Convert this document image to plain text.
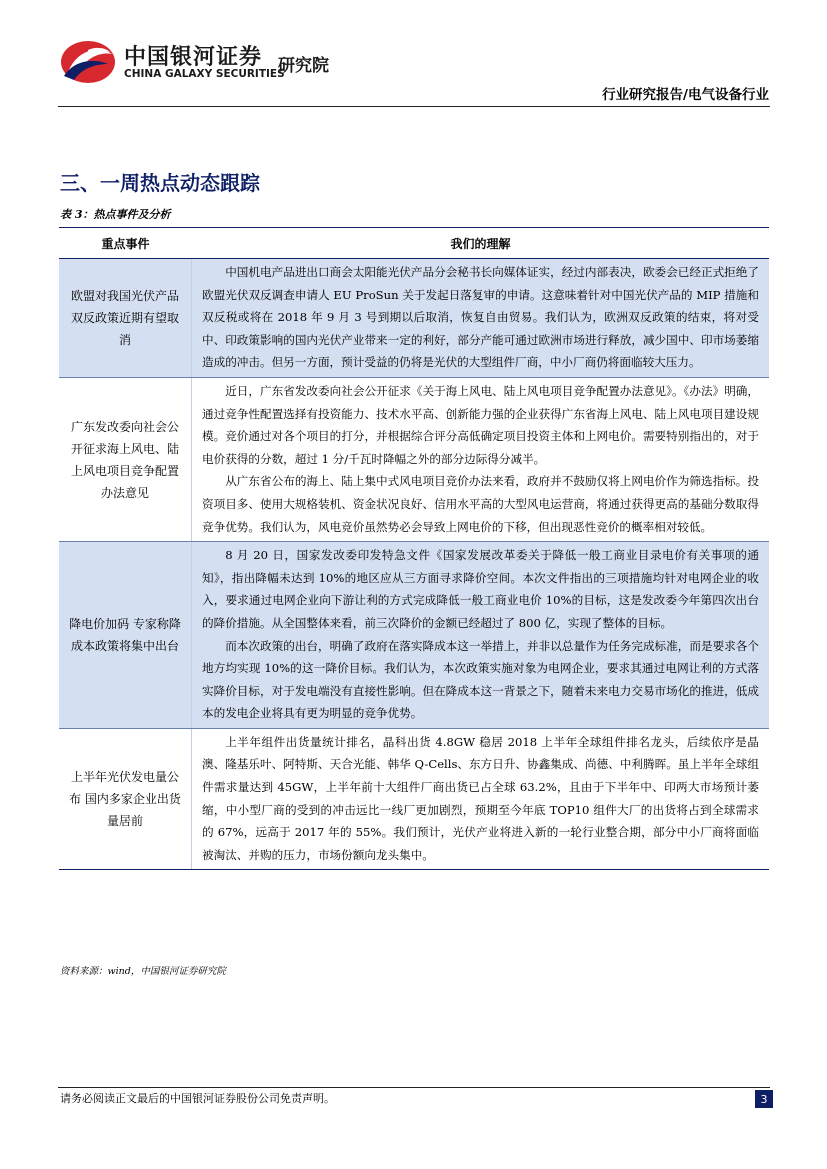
中国银河证券
CHINA GALAXY SECURITIES
研究院
行业研究报告/电气设备行业
三、一周热点动态跟踪
表 3：热点事件及分析
重点事件	我们的理解
欧盟对我国光伏产品双反政策近期有望取消

中国机电产品进出口商会太阳能光伏产品分会秘书长向媒体证实，经过内部表决，欧委会已经正式拒绝了欧盟光伏双反调查申请人 EU ProSun 关于发起日落复审的申请。这意味着针对中国光伏产品的 MIP 措施和双反税或将在 2018 年 9 月 3 号到期以后取消，恢复自由贸易。我们认为，欧洲双反政策的结束，将对受中、印政策影响的国内光伏产业带来一定的利好，部分产能可通过欧洲市场进行释放，减少国中、印市场萎缩造成的冲击。但另一方面，预计受益的仍将是光伏的大型组件厂商，中小厂商仍将面临较大压力。

广东发改委向社会公开征求海上风电、陆上风电项目竞争配置办法意见

近日，广东省发改委向社会公开征求《关于海上风电、陆上风电项目竞争配置办法意见》。《办法》明确，通过竞争性配置选择有投资能力、技术水平高、创新能力强的企业获得广东省海上风电、陆上风电项目建设规模。竞价通过对各个项目的打分，并根据综合评分高低确定项目投资主体和上网电价。需要特别指出的，对于电价获得的分数，超过 1 分/千瓦时降幅之外的部分边际得分减半。

从广东省公布的海上、陆上集中式风电项目竞价办法来看，政府并不鼓励仅将上网电价作为筛选指标。投资项目多、使用大规格装机、资金状况良好、信用水平高的大型风电运营商，将通过获得更高的基础分数取得竞争优势。我们认为，风电竞价虽然势必会导致上网电价的下移，但出现恶性竞价的概率相对较低。

降电价加码 专家称降成本政策将集中出台

8 月 20 日，国家发改委印发特急文件《国家发展改革委关于降低一般工商业目录电价有关事项的通知》，指出降幅未达到 10%的地区应从三方面寻求降价空间。本次文件指出的三项措施均针对电网企业的收入，要求通过电网企业向下游让利的方式完成降低一般工商业电价 10%的目标，这是发改委今年第四次出台的降价措施。从全国整体来看，前三次降价的金额已经超过了 800 亿，实现了整体的目标。

而本次政策的出台，明确了政府在落实降成本这一举措上，并非以总量作为任务完成标准，而是要求各个地方均实现 10%的这一降价目标。我们认为，本次政策实施对象为电网企业，要求其通过电网让利的方式落实降价目标，对于发电端没有直接性影响。但在降成本这一背景之下，随着未来电力交易市场化的推进，低成本的发电企业将具有更为明显的竞争优势。

上半年光伏发电量公布 国内多家企业出货量居前

上半年组件出货量统计排名，晶科出货 4.8GW 稳居 2018 上半年全球组件排名龙头，后续依序是晶澳、隆基乐叶、阿特斯、天合光能、韩华 Q-Cells、东方日升、协鑫集成、尚德、中利腾晖。虽上半年全球组件需求量达到 45GW，上半年前十大组件厂商出货已占全球 63.2%，且由于下半年中、印两大市场预计萎缩，中小型厂商的受到的冲击远比一线厂更加剧烈，预期至今年底 TOP10 组件大厂的出货将占到全球需求的 67%，远高于 2017 年的 55%。我们预计，光伏产业将进入新的一轮行业整合期，部分中小厂商将面临被淘汰、并购的压力，市场份额向龙头集中。

资料来源：wind，中国银河证券研究院
请务必阅读正文最后的中国银河证券股份公司免责声明。	3
